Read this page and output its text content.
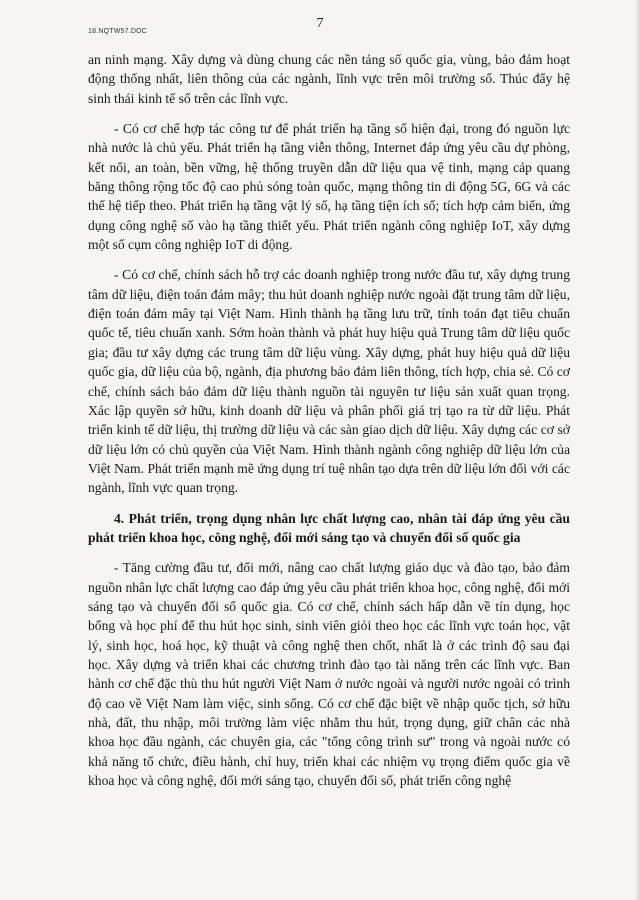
18.NQTW57.DOC
7

an ninh mạng. Xây dựng và dùng chung các nền tảng số quốc gia, vùng, bảo đảm hoạt động thống nhất, liên thông của các ngành, lĩnh vực trên môi trường số. Thúc đẩy hệ sinh thái kinh tế số trên các lĩnh vực.

- Có cơ chế hợp tác công tư để phát triển hạ tầng số hiện đại, trong đó nguồn lực nhà nước là chủ yếu. Phát triển hạ tầng viễn thông, Internet đáp ứng yêu cầu dự phòng, kết nối, an toàn, bền vững, hệ thống truyền dẫn dữ liệu qua vệ tinh, mạng cáp quang băng thông rộng tốc độ cao phủ sóng toàn quốc, mạng thông tin di động 5G, 6G và các thế hệ tiếp theo. Phát triển hạ tầng vật lý số, hạ tầng tiện ích số; tích hợp cảm biến, ứng dụng công nghệ số vào hạ tầng thiết yếu. Phát triển ngành công nghiệp IoT, xây dựng một số cụm công nghiệp IoT di động.

- Có cơ chế, chính sách hỗ trợ các doanh nghiệp trong nước đầu tư, xây dựng trung tâm dữ liệu, điện toán đám mây; thu hút doanh nghiệp nước ngoài đặt trung tâm dữ liệu, điện toán đám mây tại Việt Nam. Hình thành hạ tầng lưu trữ, tính toán đạt tiêu chuẩn quốc tế, tiêu chuẩn xanh. Sớm hoàn thành và phát huy hiệu quả Trung tâm dữ liệu quốc gia; đầu tư xây dựng các trung tâm dữ liệu vùng. Xây dựng, phát huy hiệu quả dữ liệu quốc gia, dữ liệu của bộ, ngành, địa phương bảo đảm liên thông, tích hợp, chia sẻ. Có cơ chế, chính sách bảo đảm dữ liệu thành nguồn tài nguyên tư liệu sản xuất quan trọng. Xác lập quyền sở hữu, kinh doanh dữ liệu và phân phối giá trị tạo ra từ dữ liệu. Phát triển kinh tế dữ liệu, thị trường dữ liệu và các sàn giao dịch dữ liệu. Xây dựng các cơ sở dữ liệu lớn có chủ quyền của Việt Nam. Hình thành ngành công nghiệp dữ liệu lớn của Việt Nam. Phát triển mạnh mẽ ứng dụng trí tuệ nhân tạo dựa trên dữ liệu lớn đối với các ngành, lĩnh vực quan trọng.

4. Phát triển, trọng dụng nhân lực chất lượng cao, nhân tài đáp ứng yêu cầu phát triển khoa học, công nghệ, đổi mới sáng tạo và chuyển đổi số quốc gia

- Tăng cường đầu tư, đổi mới, nâng cao chất lượng giáo dục và đào tạo, bảo đảm nguồn nhân lực chất lượng cao đáp ứng yêu cầu phát triển khoa học, công nghệ, đổi mới sáng tạo và chuyển đổi số quốc gia. Có cơ chế, chính sách hấp dẫn về tín dụng, học bổng và học phí để thu hút học sinh, sinh viên giỏi theo học các lĩnh vực toán học, vật lý, sinh học, hoá học, kỹ thuật và công nghệ then chốt, nhất là ở các trình độ sau đại học. Xây dựng và triển khai các chương trình đào tạo tài năng trên các lĩnh vực. Ban hành cơ chế đặc thù thu hút người Việt Nam ở nước ngoài và người nước ngoài có trình độ cao về Việt Nam làm việc, sinh sống. Có cơ chế đặc biệt về nhập quốc tịch, sở hữu nhà, đất, thu nhập, môi trường làm việc nhằm thu hút, trọng dụng, giữ chân các nhà khoa học đầu ngành, các chuyên gia, các "tổng công trình sư" trong và ngoài nước có khả năng tổ chức, điều hành, chỉ huy, triển khai các nhiệm vụ trọng điểm quốc gia về khoa học và công nghệ, đổi mới sáng tạo, chuyển đổi số, phát triển công nghệ
